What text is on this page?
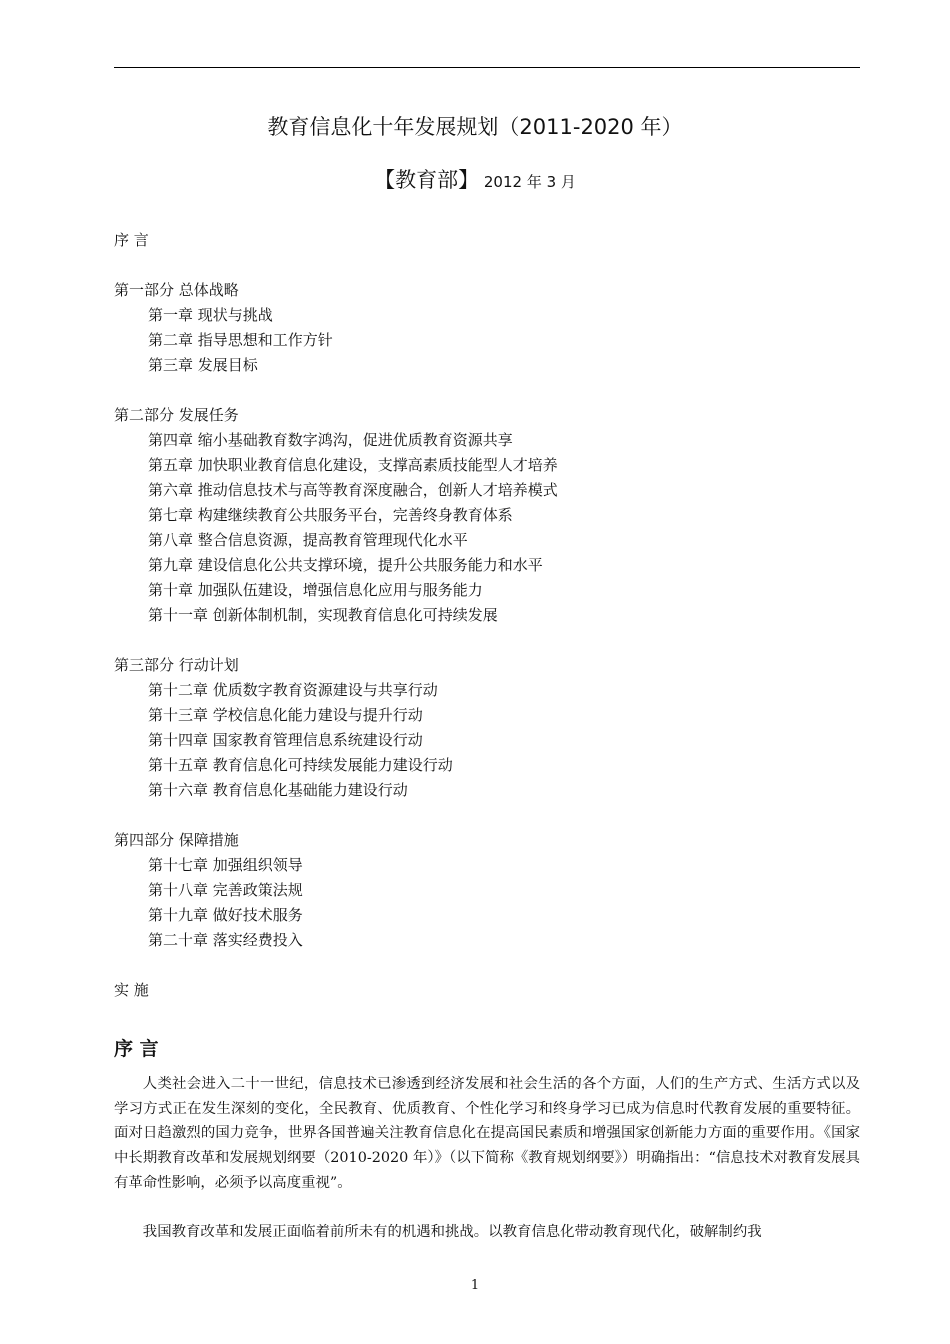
教育信息化十年发展规划（2011-2020 年）
【教育部】 2012 年 3 月
序 言
第一部分 总体战略
第一章 现状与挑战
第二章 指导思想和工作方针
第三章 发展目标
第二部分 发展任务
第四章 缩小基础教育数字鸿沟，促进优质教育资源共享
第五章 加快职业教育信息化建设，支撑高素质技能型人才培养
第六章 推动信息技术与高等教育深度融合，创新人才培养模式
第七章 构建继续教育公共服务平台，完善终身教育体系
第八章 整合信息资源，提高教育管理现代化水平
第九章 建设信息化公共支撑环境，提升公共服务能力和水平
第十章 加强队伍建设，增强信息化应用与服务能力
第十一章 创新体制机制，实现教育信息化可持续发展
第三部分 行动计划
第十二章 优质数字教育资源建设与共享行动
第十三章 学校信息化能力建设与提升行动
第十四章 国家教育管理信息系统建设行动
第十五章 教育信息化可持续发展能力建设行动
第十六章 教育信息化基础能力建设行动
第四部分 保障措施
第十七章 加强组织领导
第十八章 完善政策法规
第十九章 做好技术服务
第二十章 落实经费投入
实 施
序 言

人类社会进入二十一世纪，信息技术已渗透到经济发展和社会生活的各个方面，人们的生产方式、生活方式以及学习方式正在发生深刻的变化，全民教育、优质教育、个性化学习和终身学习已成为信息时代教育发展的重要特征。面对日趋激烈的国力竞争，世界各国普遍关注教育信息化在提高国民素质和增强国家创新能力方面的重要作用。《国家中长期教育改革和发展规划纲要（2010-2020 年）》（以下简称《教育规划纲要》）明确指出：“信息技术对教育发展具有革命性影响，必须予以高度重视”。

我国教育改革和发展正面临着前所未有的机遇和挑战。以教育信息化带动教育现代化，破解制约我

1
